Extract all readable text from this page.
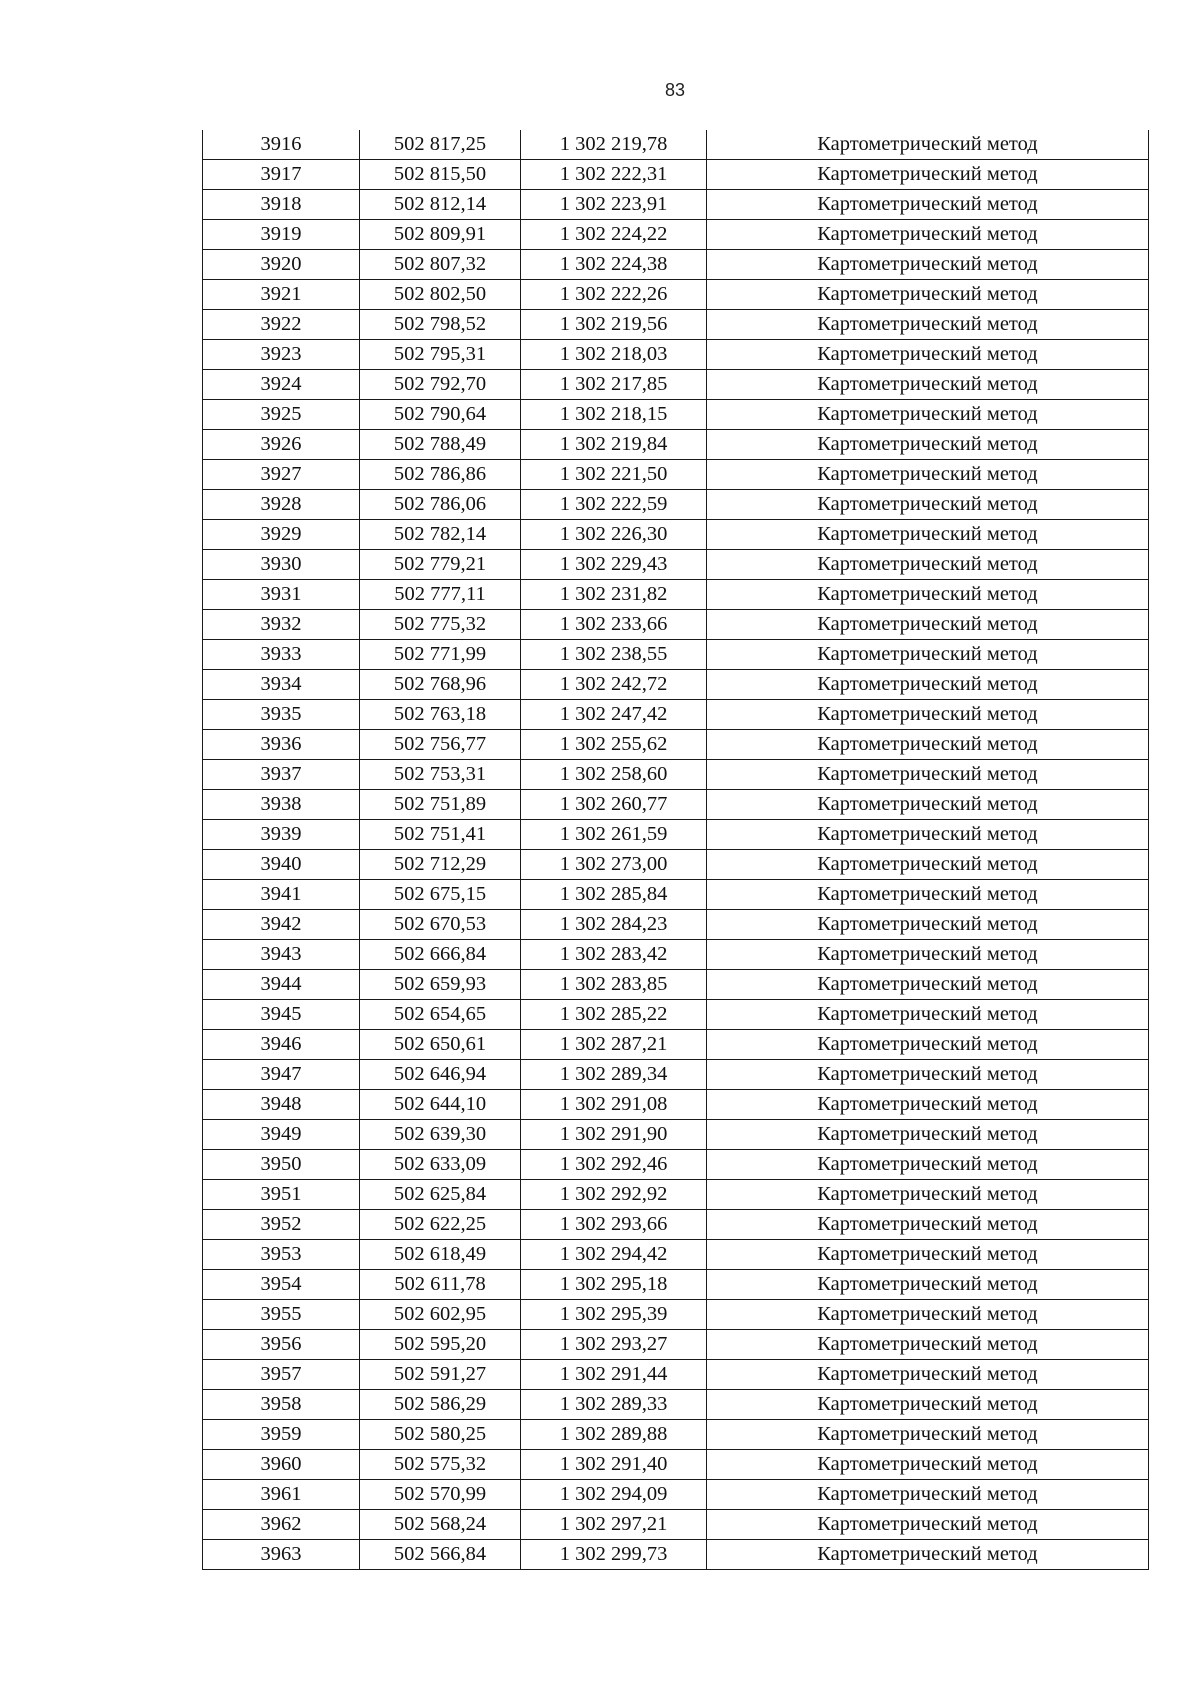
83
3916	502 817,25	1 302 219,78	Картометрический метод
3917	502 815,50	1 302 222,31	Картометрический метод
3918	502 812,14	1 302 223,91	Картометрический метод
3919	502 809,91	1 302 224,22	Картометрический метод
3920	502 807,32	1 302 224,38	Картометрический метод
3921	502 802,50	1 302 222,26	Картометрический метод
3922	502 798,52	1 302 219,56	Картометрический метод
3923	502 795,31	1 302 218,03	Картометрический метод
3924	502 792,70	1 302 217,85	Картометрический метод
3925	502 790,64	1 302 218,15	Картометрический метод
3926	502 788,49	1 302 219,84	Картометрический метод
3927	502 786,86	1 302 221,50	Картометрический метод
3928	502 786,06	1 302 222,59	Картометрический метод
3929	502 782,14	1 302 226,30	Картометрический метод
3930	502 779,21	1 302 229,43	Картометрический метод
3931	502 777,11	1 302 231,82	Картометрический метод
3932	502 775,32	1 302 233,66	Картометрический метод
3933	502 771,99	1 302 238,55	Картометрический метод
3934	502 768,96	1 302 242,72	Картометрический метод
3935	502 763,18	1 302 247,42	Картометрический метод
3936	502 756,77	1 302 255,62	Картометрический метод
3937	502 753,31	1 302 258,60	Картометрический метод
3938	502 751,89	1 302 260,77	Картометрический метод
3939	502 751,41	1 302 261,59	Картометрический метод
3940	502 712,29	1 302 273,00	Картометрический метод
3941	502 675,15	1 302 285,84	Картометрический метод
3942	502 670,53	1 302 284,23	Картометрический метод
3943	502 666,84	1 302 283,42	Картометрический метод
3944	502 659,93	1 302 283,85	Картометрический метод
3945	502 654,65	1 302 285,22	Картометрический метод
3946	502 650,61	1 302 287,21	Картометрический метод
3947	502 646,94	1 302 289,34	Картометрический метод
3948	502 644,10	1 302 291,08	Картометрический метод
3949	502 639,30	1 302 291,90	Картометрический метод
3950	502 633,09	1 302 292,46	Картометрический метод
3951	502 625,84	1 302 292,92	Картометрический метод
3952	502 622,25	1 302 293,66	Картометрический метод
3953	502 618,49	1 302 294,42	Картометрический метод
3954	502 611,78	1 302 295,18	Картометрический метод
3955	502 602,95	1 302 295,39	Картометрический метод
3956	502 595,20	1 302 293,27	Картометрический метод
3957	502 591,27	1 302 291,44	Картометрический метод
3958	502 586,29	1 302 289,33	Картометрический метод
3959	502 580,25	1 302 289,88	Картометрический метод
3960	502 575,32	1 302 291,40	Картометрический метод
3961	502 570,99	1 302 294,09	Картометрический метод
3962	502 568,24	1 302 297,21	Картометрический метод
3963	502 566,84	1 302 299,73	Картометрический метод
